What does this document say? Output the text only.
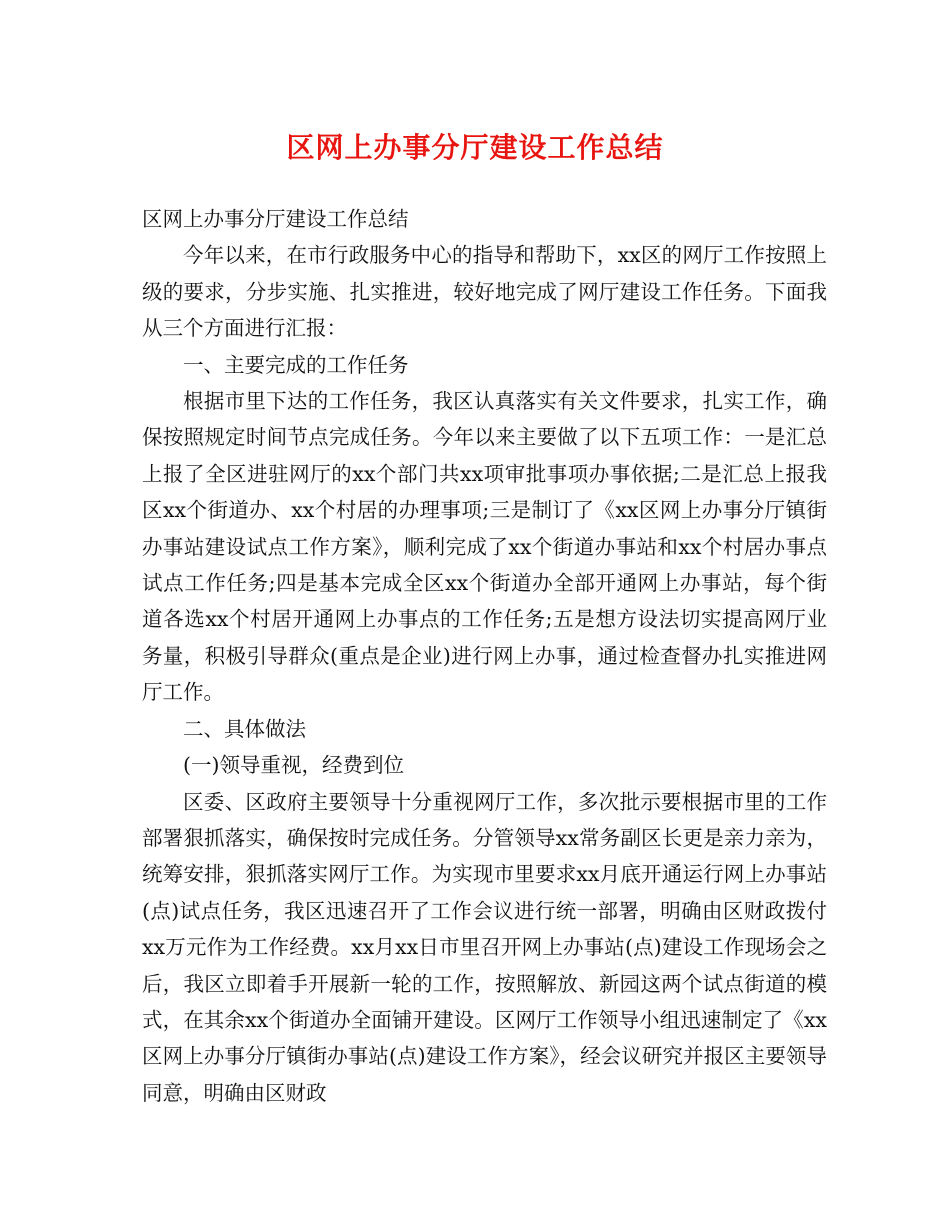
区网上办事分厅建设工作总结

区网上办事分厅建设工作总结

今年以来，在市行政服务中心的指导和帮助下，xx区的网厅工作按照上级的要求，分步实施、扎实推进，较好地完成了网厅建设工作任务。下面我从三个方面进行汇报：

一、主要完成的工作任务

根据市里下达的工作任务，我区认真落实有关文件要求，扎实工作，确保按照规定时间节点完成任务。今年以来主要做了以下五项工作：一是汇总上报了全区进驻网厅的xx个部门共xx项审批事项办事依据;二是汇总上报我区xx个街道办、xx个村居的办理事项;三是制订了《xx区网上办事分厅镇街办事站建设试点工作方案》，顺利完成了xx个街道办事站和xx个村居办事点试点工作任务;四是基本完成全区xx个街道办全部开通网上办事站，每个街道各选xx个村居开通网上办事点的工作任务;五是想方设法切实提高网厅业务量，积极引导群众(重点是企业)进行网上办事，通过检查督办扎实推进网厅工作。

二、具体做法

(一)领导重视，经费到位

区委、区政府主要领导十分重视网厅工作，多次批示要根据市里的工作部署狠抓落实，确保按时完成任务。分管领导xx常务副区长更是亲力亲为，统筹安排，狠抓落实网厅工作。为实现市里要求xx月底开通运行网上办事站(点)试点任务，我区迅速召开了工作会议进行统一部署，明确由区财政拨付xx万元作为工作经费。xx月xx日市里召开网上办事站(点)建设工作现场会之后，我区立即着手开展新一轮的工作，按照解放、新园这两个试点街道的模式，在其余xx个街道办全面铺开建设。区网厅工作领导小组迅速制定了《xx区网上办事分厅镇街办事站(点)建设工作方案》，经会议研究并报区主要领导同意，明确由区财政
